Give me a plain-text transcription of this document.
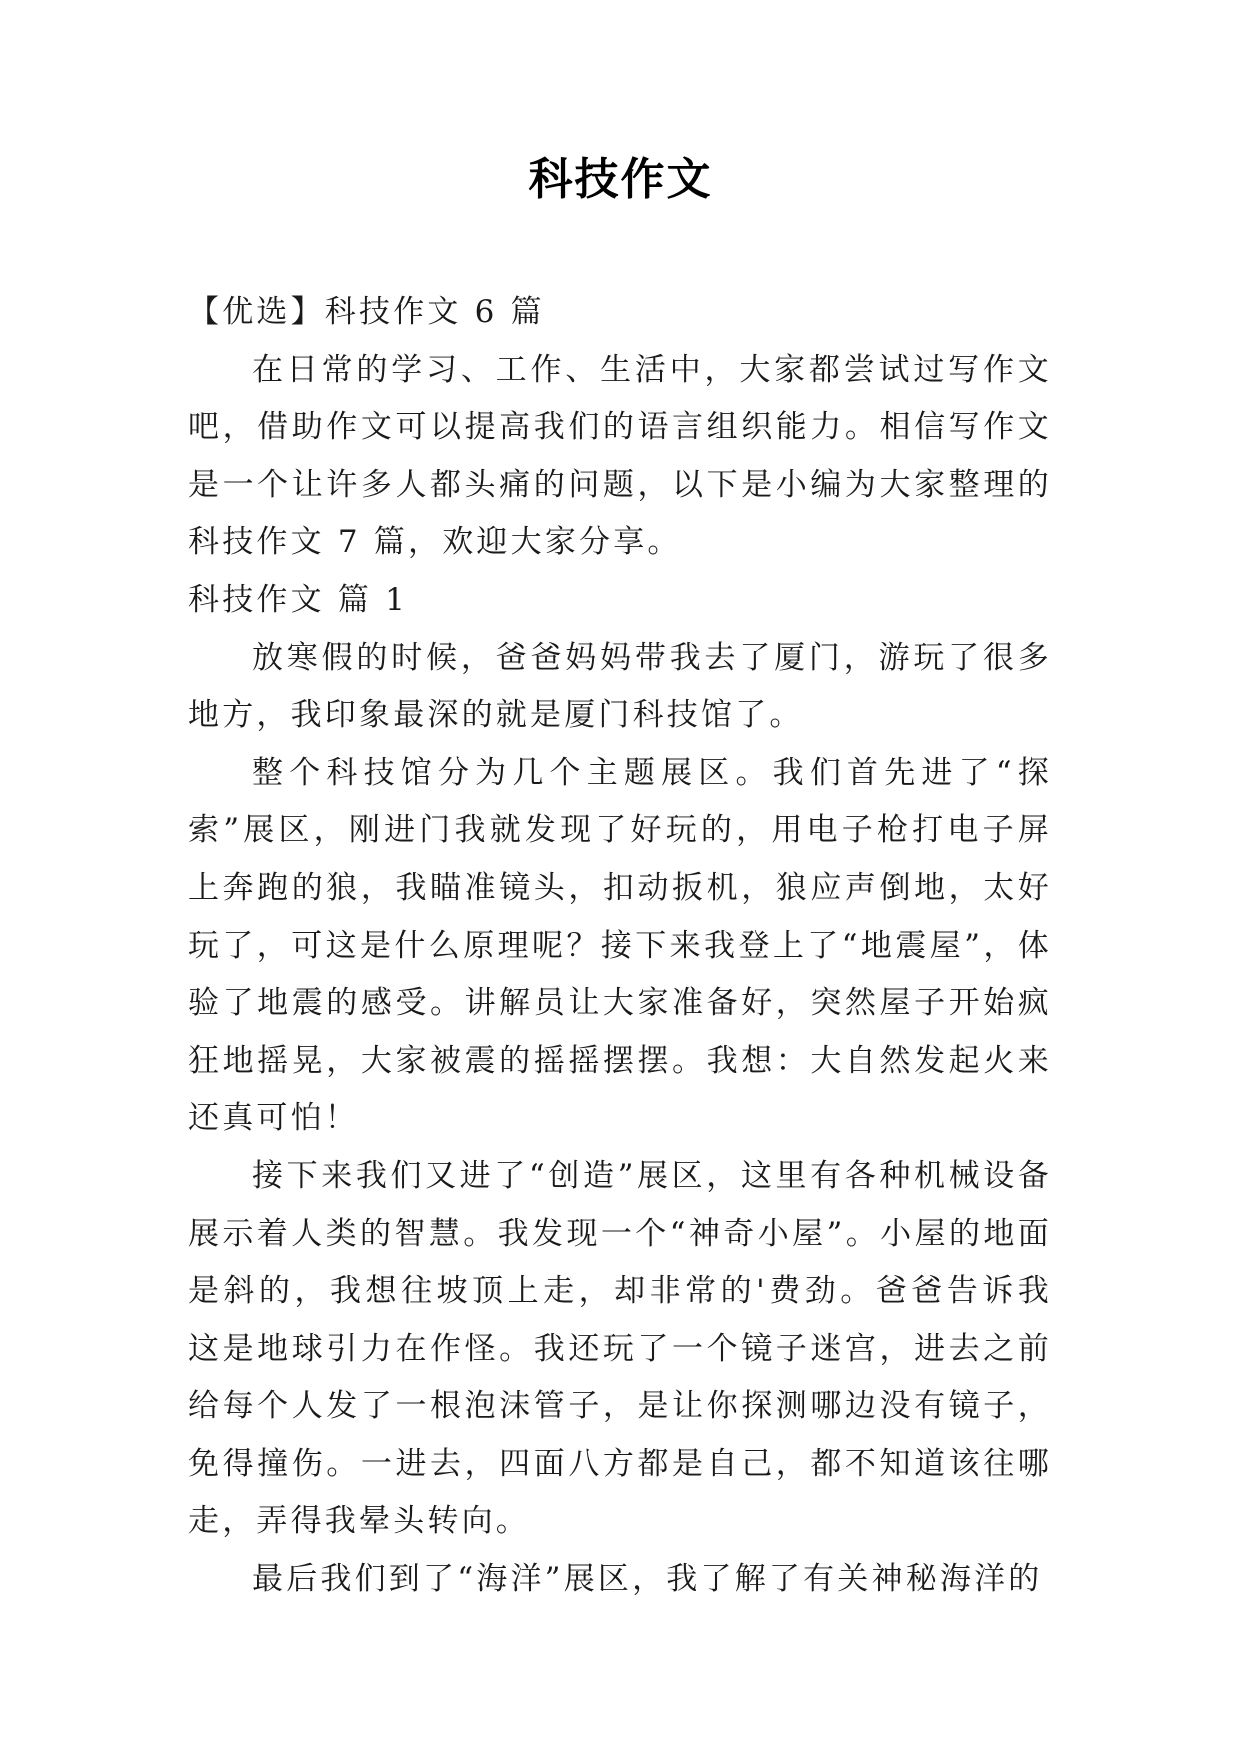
科技作文

【优选】科技作文 6 篇

在日常的学习、工作、生活中，大家都尝试过写作文吧，借助作文可以提高我们的语言组织能力。相信写作文是一个让许多人都头痛的问题，以下是小编为大家整理的科技作文 7 篇，欢迎大家分享。

科技作文 篇 1

放寒假的时候，爸爸妈妈带我去了厦门，游玩了很多地方，我印象最深的就是厦门科技馆了。

整个科技馆分为几个主题展区。我们首先进了“探索”展区，刚进门我就发现了好玩的，用电子枪打电子屏上奔跑的狼，我瞄准镜头，扣动扳机，狼应声倒地，太好玩了，可这是什么原理呢？接下来我登上了“地震屋”，体验了地震的感受。讲解员让大家准备好，突然屋子开始疯狂地摇晃，大家被震的摇摇摆摆。我想：大自然发起火来还真可怕！

接下来我们又进了“创造”展区，这里有各种机械设备展示着人类的智慧。我发现一个“神奇小屋”。小屋的地面是斜的，我想往坡顶上走，却非常的'费劲。爸爸告诉我这是地球引力在作怪。我还玩了一个镜子迷宫，进去之前给每个人发了一根泡沫管子，是让你探测哪边没有镜子，免得撞伤。一进去，四面八方都是自己，都不知道该往哪走，弄得我晕头转向。

最后我们到了“海洋”展区，我了解了有关神秘海洋的
